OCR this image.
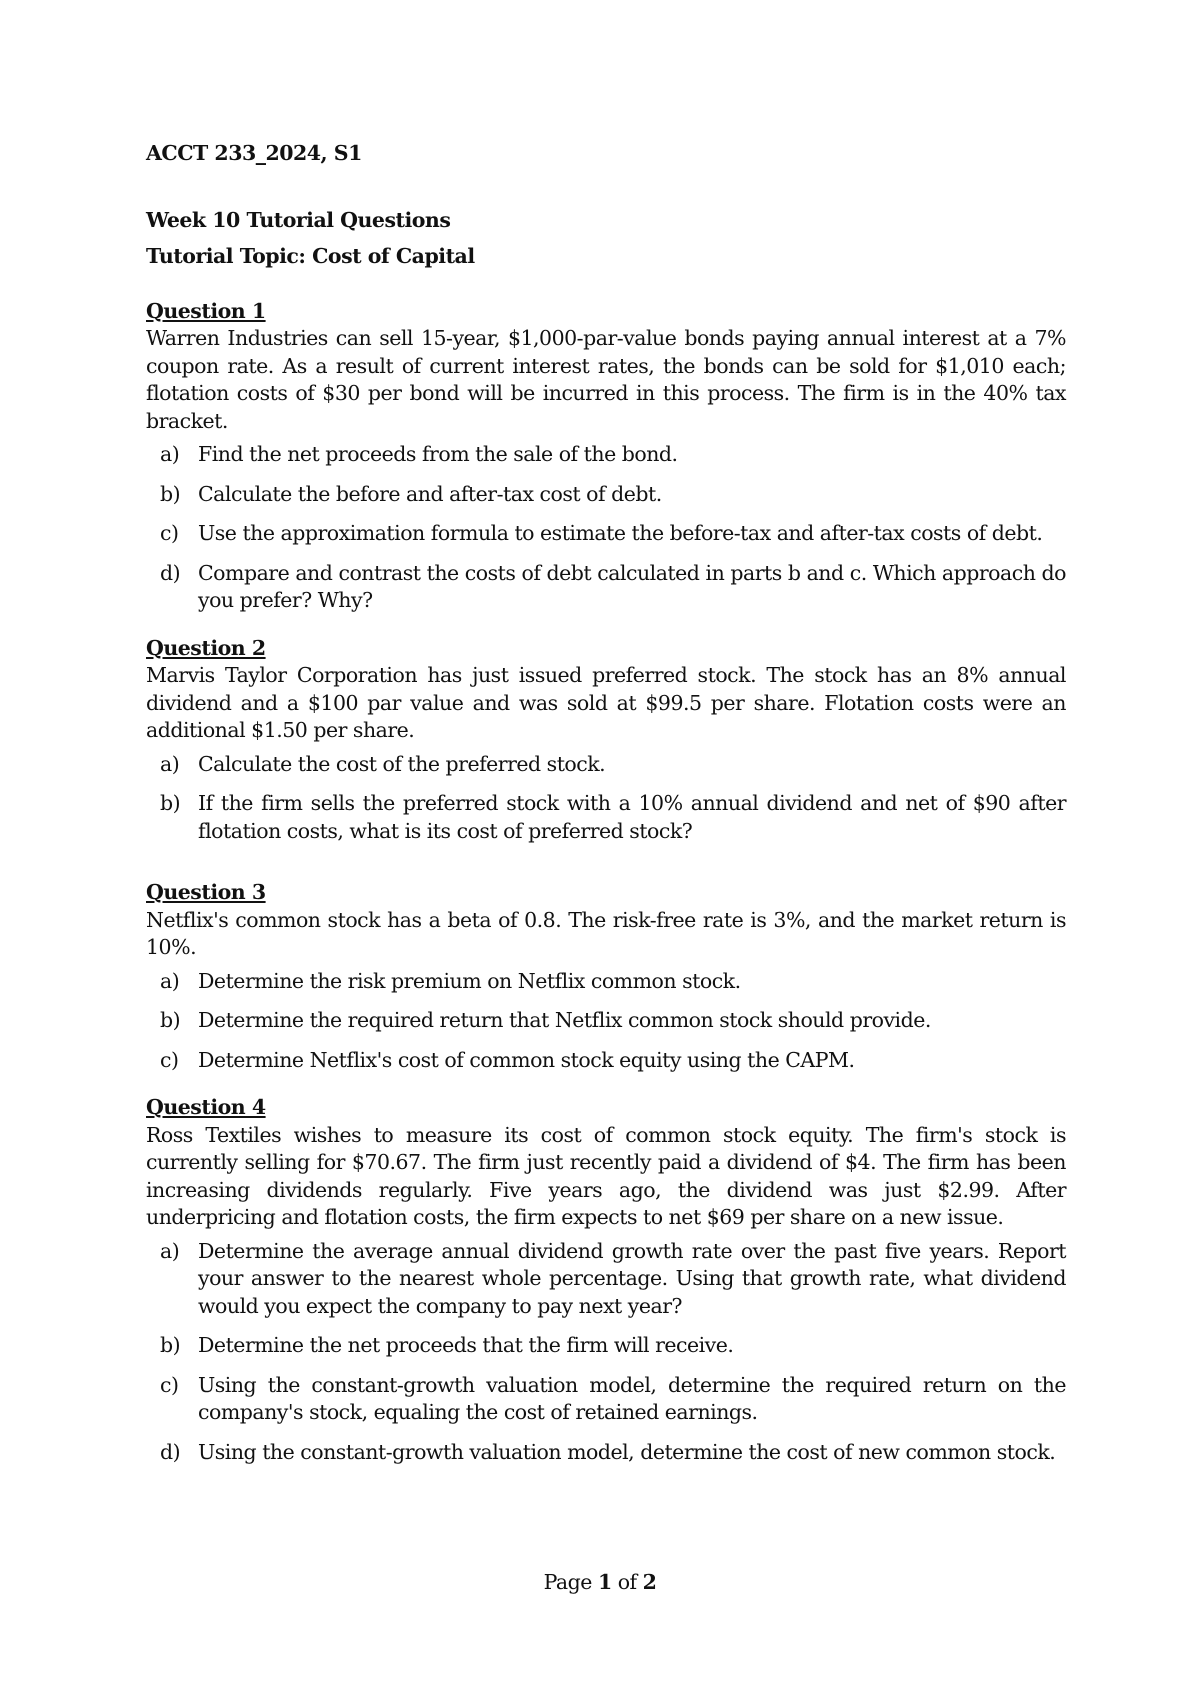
ACCT 233_2024, S1

Week 10 Tutorial Questions

Tutorial Topic: Cost of Capital

Question 1

Warren Industries can sell 15-year, $1,000-par-value bonds paying annual interest at a 7% coupon rate. As a result of current interest rates, the bonds can be sold for $1,010 each; flotation costs of $30 per bond will be incurred in this process. The firm is in the 40% tax bracket.

a) Find the net proceeds from the sale of the bond.
b) Calculate the before and after-tax cost of debt.
c) Use the approximation formula to estimate the before-tax and after-tax costs of debt.
d) Compare and contrast the costs of debt calculated in parts b and c. Which approach do you prefer? Why?

Question 2

Marvis Taylor Corporation has just issued preferred stock. The stock has an 8% annual dividend and a $100 par value and was sold at $99.5 per share. Flotation costs were an additional $1.50 per share.

a) Calculate the cost of the preferred stock.
b) If the firm sells the preferred stock with a 10% annual dividend and net of $90 after flotation costs, what is its cost of preferred stock?

Question 3

Netflix's common stock has a beta of 0.8. The risk-free rate is 3%, and the market return is 10%.

a) Determine the risk premium on Netflix common stock.
b) Determine the required return that Netflix common stock should provide.
c) Determine Netflix's cost of common stock equity using the CAPM.

Question 4

Ross Textiles wishes to measure its cost of common stock equity. The firm's stock is currently selling for $70.67. The firm just recently paid a dividend of $4. The firm has been increasing dividends regularly. Five years ago, the dividend was just $2.99. After underpricing and flotation costs, the firm expects to net $69 per share on a new issue.

a) Determine the average annual dividend growth rate over the past five years. Report your answer to the nearest whole percentage. Using that growth rate, what dividend would you expect the company to pay next year?
b) Determine the net proceeds that the firm will receive.
c) Using the constant-growth valuation model, determine the required return on the company's stock, equaling the cost of retained earnings.
d) Using the constant-growth valuation model, determine the cost of new common stock.
Page 1 of 2
